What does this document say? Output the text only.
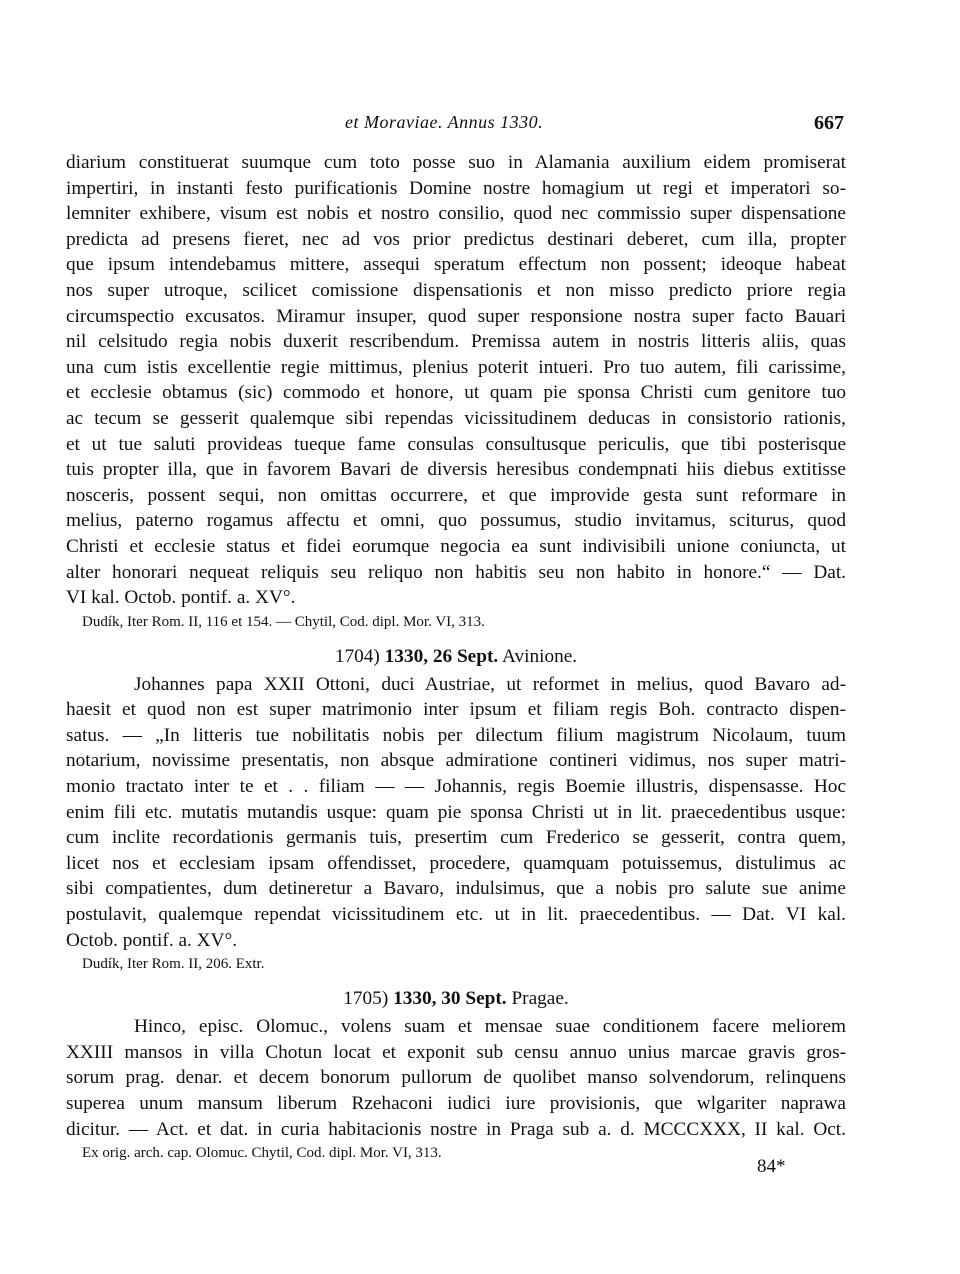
et Moraviae. Annus 1330.	667
diarium constituerat suumque cum toto posse suo in Alamania auxilium eidem promiserat
impertiri, in instanti festo purificationis Domine nostre homagium ut regi et imperatori so-
lemniter exhibere, visum est nobis et nostro consilio, quod nec commissio super dispensatione
predicta ad presens fieret, nec ad vos prior predictus destinari deberet, cum illa, propter
que ipsum intendebamus mittere, assequi speratum effectum non possent; ideoque habeat
nos super utroque, scilicet comissione dispensationis et non misso predicto priore regia
circumspectio excusatos. Miramur insuper, quod super responsione nostra super facto Bauari
nil celsitudo regia nobis duxerit rescribendum. Premissa autem in nostris litteris aliis, quas
una cum istis excellentie regie mittimus, plenius poterit intueri. Pro tuo autem, fili carissime,
et ecclesie obtamus (sic) commodo et honore, ut quam pie sponsa Christi cum genitore tuo
ac tecum se gesserit qualemque sibi rependas vicissitudinem deducas in consistorio rationis,
et ut tue saluti provideas tueque fame consulas consultusque periculis, que tibi posterisque
tuis propter illa, que in favorem Bavari de diversis heresibus condempnati hiis diebus extitisse
nosceris, possent sequi, non omittas occurrere, et que improvide gesta sunt reformare in
melius, paterno rogamus affectu et omni, quo possumus, studio invitamus, sciturus, quod
Christi et ecclesie status et fidei eorumque negocia ea sunt indivisibili unione coniuncta, ut
alter honorari nequeat reliquis seu reliquo non habitis seu non habito in honore.“ — Dat.
VI kal. Octob. pontif. a. XV°.
Dudík, Iter Rom. II, 116 et 154. — Chytil, Cod. dipl. Mor. VI, 313.
1704) 1330, 26 Sept. Avinione.
Johannes papa XXII Ottoni, duci Austriae, ut reformet in melius, quod Bavaro ad-
haesit et quod non est super matrimonio inter ipsum et filiam regis Boh. contracto dispen-
satus. — „In litteris tue nobilitatis nobis per dilectum filium magistrum Nicolaum, tuum
notarium, novissime presentatis, non absque admiratione contineri vidimus, nos super matri-
monio tractato inter te et . . filiam — — Johannis, regis Boemie illustris, dispensasse. Hoc
enim fili etc. mutatis mutandis usque: quam pie sponsa Christi ut in lit. praecedentibus usque:
cum inclite recordationis germanis tuis, presertim cum Frederico se gesserit, contra quem,
licet nos et ecclesiam ipsam offendisset, procedere, quamquam potuissemus, distulimus ac
sibi compatientes, dum detineretur a Bavaro, indulsimus, que a nobis pro salute sue anime
postulavit, qualemque rependat vicissitudinem etc. ut in lit. praecedentibus. — Dat. VI kal.
Octob. pontif. a. XV°.
Dudík, Iter Rom. II, 206. Extr.
1705) 1330, 30 Sept. Pragae.
Hinco, episc. Olomuc., volens suam et mensae suae conditionem facere meliorem
XXIII mansos in villa Chotun locat et exponit sub censu annuo unius marcae gravis gros-
sorum prag. denar. et decem bonorum pullorum de quolibet manso solvendorum, relinquens
superea unum mansum liberum Rzehaconi iudici iure provisionis, que wlgariter naprawa
dicitur. — Act. et dat. in curia habitacionis nostre in Praga sub a. d. MCCCXXX, II kal. Oct.
Ex orig. arch. cap. Olomuc. Chytil, Cod. dipl. Mor. VI, 313.
84*
